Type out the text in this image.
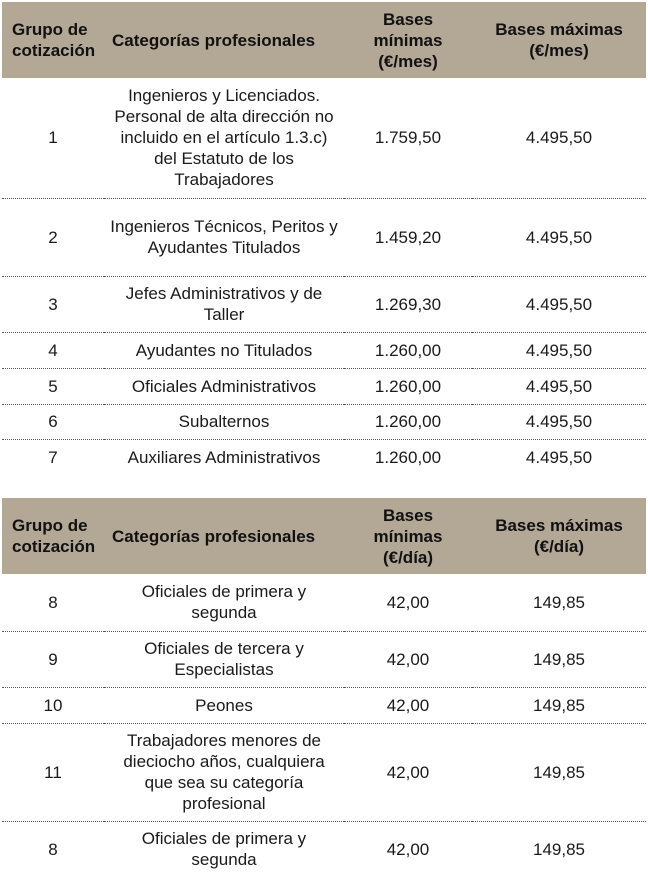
Grupo de cotización	Categorías profesionales	Bases mínimas (€/mes)	Bases máximas (€/mes)
1	Ingenieros y Licenciados. Personal de alta dirección no incluido en el artículo 1.3.c) del Estatuto de los Trabajadores	1.759,50	4.495,50
2	Ingenieros Técnicos, Peritos y Ayudantes Titulados	1.459,20	4.495,50
3	Jefes Administrativos y de Taller	1.269,30	4.495,50
4	Ayudantes no Titulados	1.260,00	4.495,50
5	Oficiales Administrativos	1.260,00	4.495,50
6	Subalternos	1.260,00	4.495,50
7	Auxiliares Administrativos	1.260,00	4.495,50
Grupo de cotización	Categorías profesionales	Bases mínimas (€/día)	Bases máximas (€/día)
8	Oficiales de primera y segunda	42,00	149,85
9	Oficiales de tercera y Especialistas	42,00	149,85
10	Peones	42,00	149,85
11	Trabajadores menores de dieciocho años, cualquiera que sea su categoría profesional	42,00	149,85
8	Oficiales de primera y segunda	42,00	149,85
